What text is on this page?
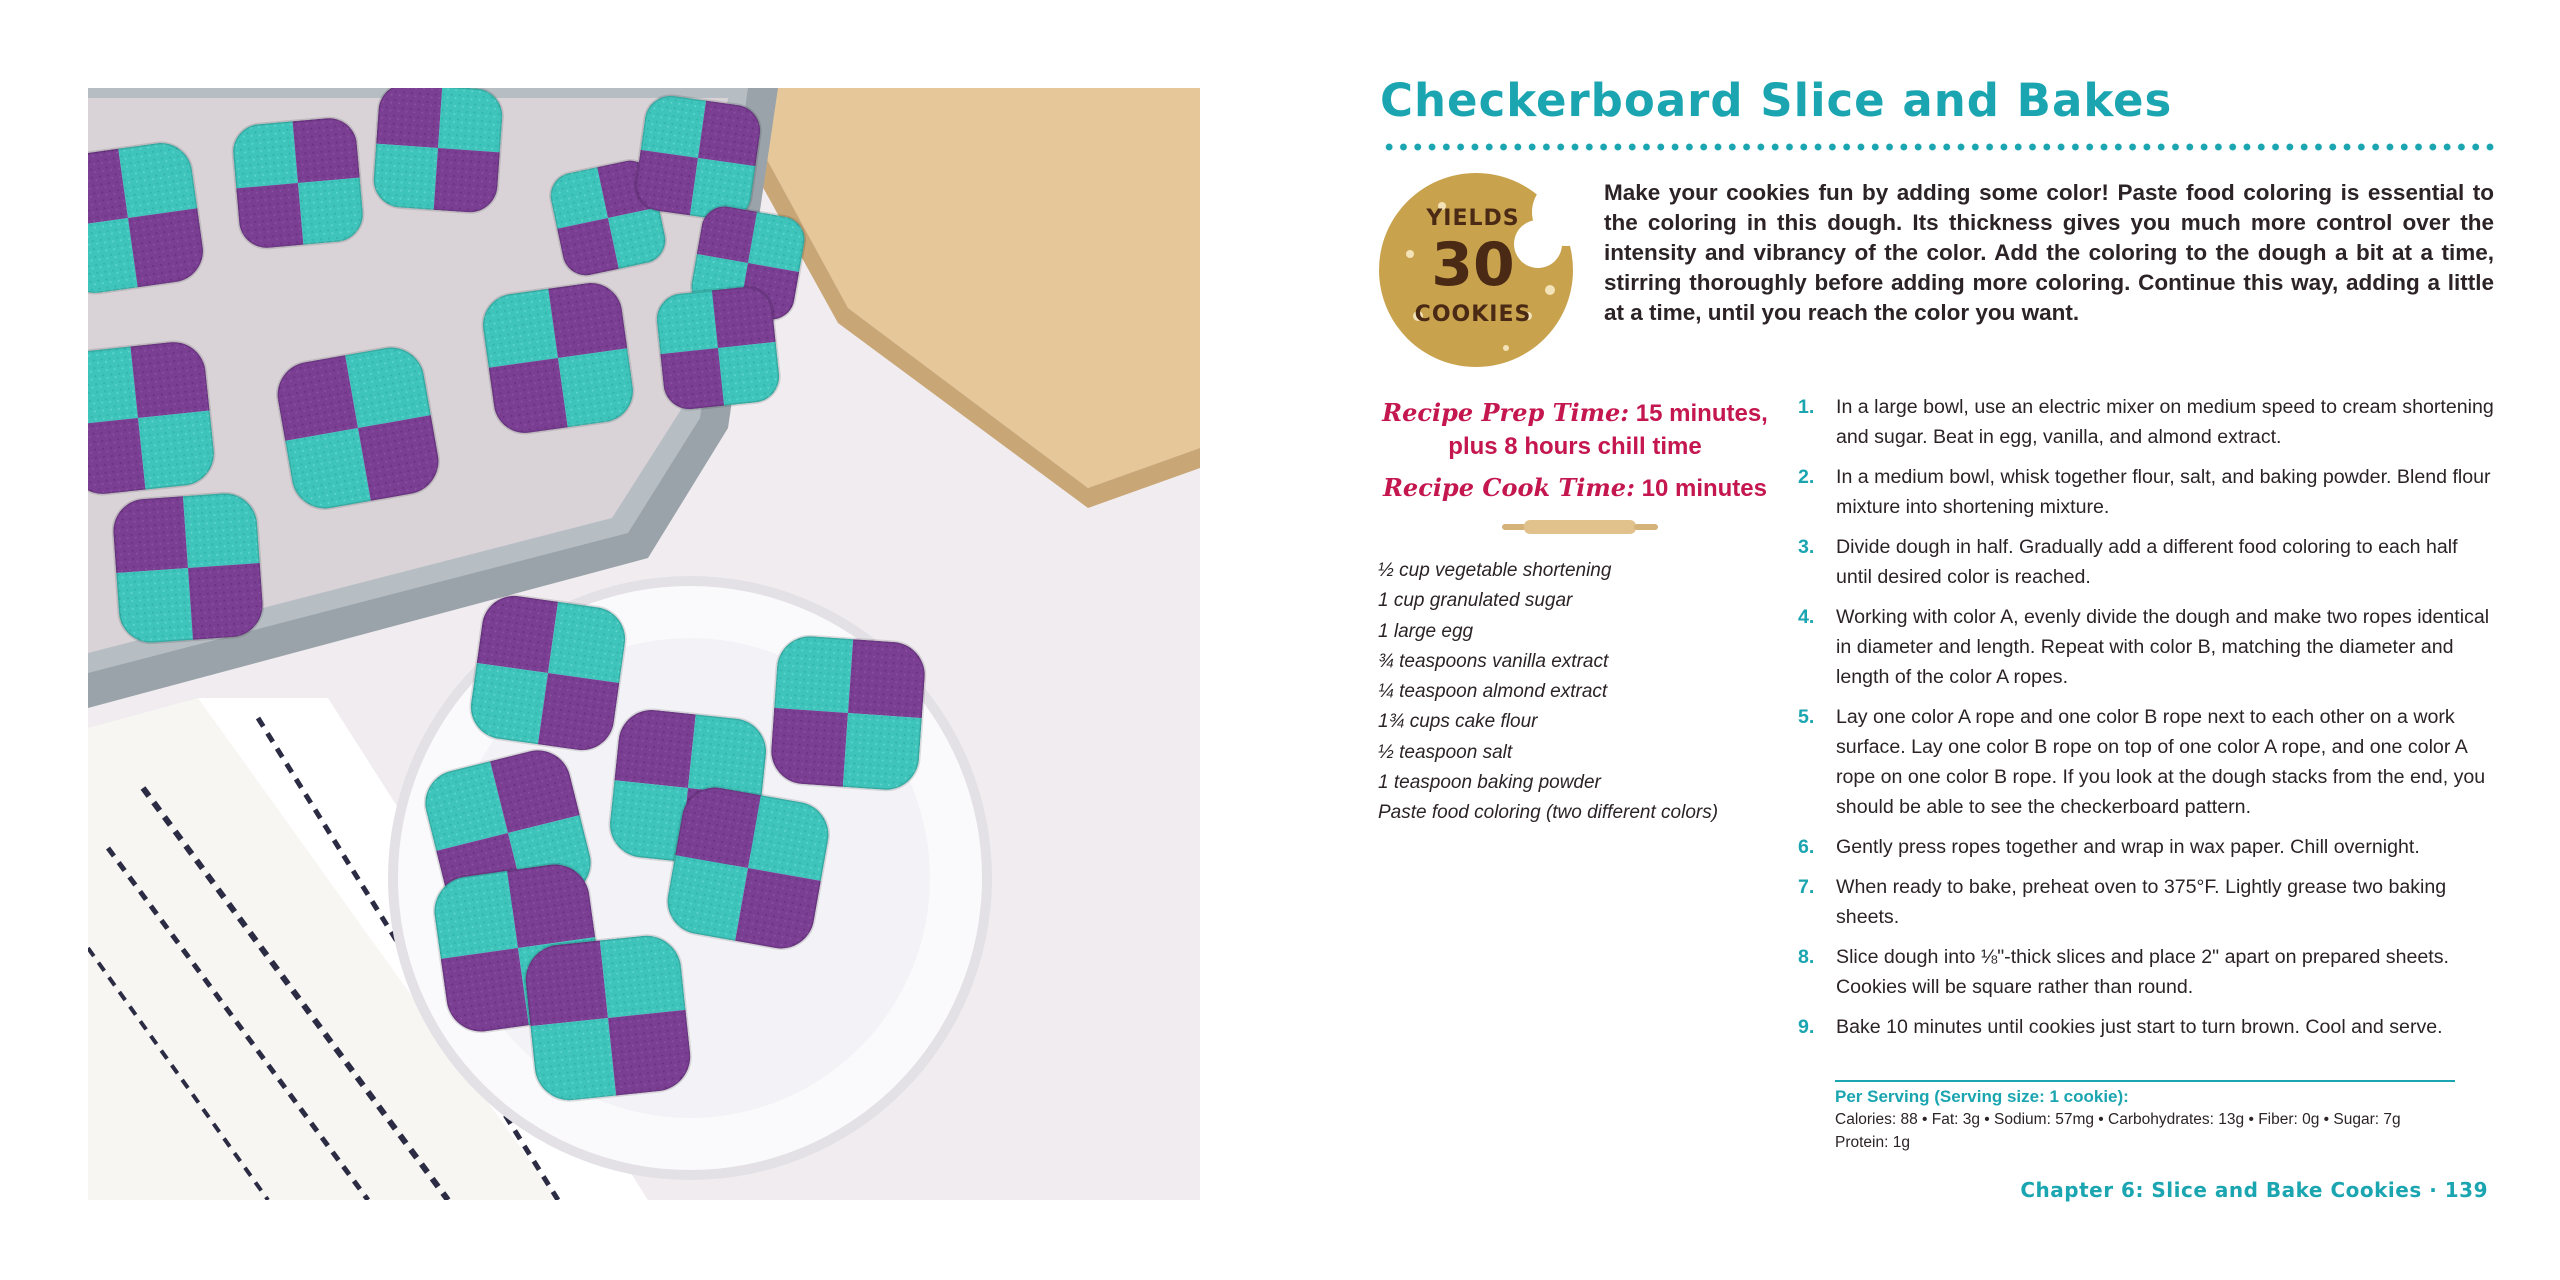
Checkerboard Slice and Bakes
YIELDS
30
COOKIES

Make your cookies fun by adding some color! Paste food coloring is essential to the coloring in this dough. Its thickness gives you much more control over the intensity and vibrancy of the color. Add the coloring to the dough a bit at a time, stirring thoroughly before adding more coloring. Continue this way, adding a little at a time, until you reach the color you want.

Recipe Prep Time: 15 minutes,
plus 8 hours chill time
Recipe Cook Time: 10 minutes
½ cup vegetable shortening
1 cup granulated sugar
1 large egg
¾ teaspoons vanilla extract
¼ teaspoon almond extract
1¾ cups cake flour
½ teaspoon salt
1 teaspoon baking powder
Paste food coloring (two different colors)
1. In a large bowl, use an electric mixer on medium speed to cream shortening and sugar. Beat in egg, vanilla, and almond extract.
2. In a medium bowl, whisk together flour, salt, and baking powder. Blend flour mixture into shortening mixture.
3. Divide dough in half. Gradually add a different food coloring to each half until desired color is reached.
4. Working with color A, evenly divide the dough and make two ropes identical in diameter and length. Repeat with color B, matching the diameter and length of the color A ropes.
5. Lay one color A rope and one color B rope next to each other on a work surface. Lay one color B rope on top of one color A rope, and one color A rope on one color B rope. If you look at the dough stacks from the end, you should be able to see the checkerboard pattern.
6. Gently press ropes together and wrap in wax paper. Chill overnight.
7. When ready to bake, preheat oven to 375°F. Lightly grease two baking sheets.
8. Slice dough into ⅛"-thick slices and place 2" apart on prepared sheets. Cookies will be square rather than round.
9. Bake 10 minutes until cookies just start to turn brown. Cool and serve.
Per Serving (Serving size: 1 cookie):
Calories: 88 • Fat: 3g • Sodium: 57mg • Carbohydrates: 13g • Fiber: 0g • Sugar: 7g
Protein: 1g
Chapter 6: Slice and Bake Cookies · 139
